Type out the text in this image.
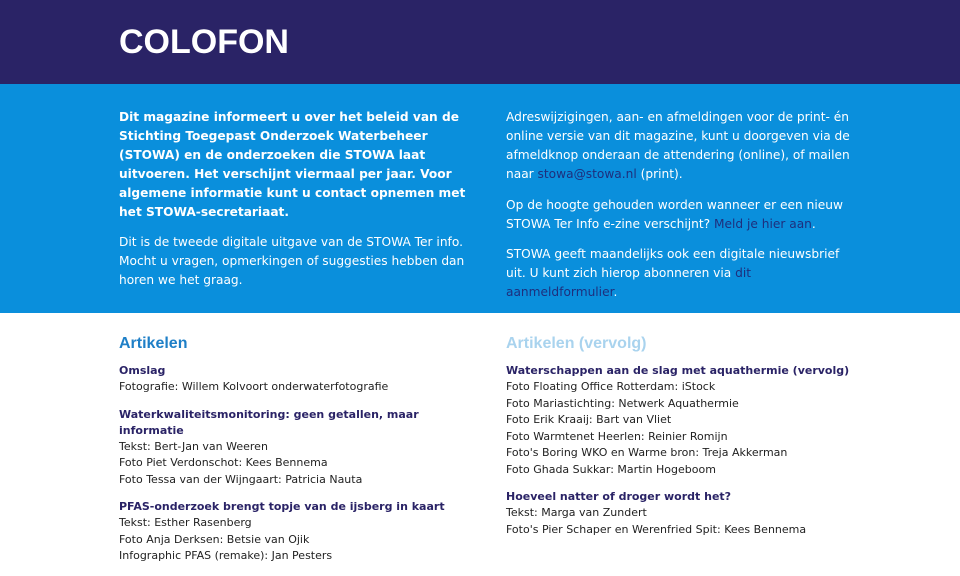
COLOFON

Dit magazine informeert u over het beleid van de Stichting Toegepast Onderzoek Waterbeheer (STOWA) en de onderzoeken die STOWA laat uitvoeren. Het verschijnt viermaal per jaar. Voor algemene informatie kunt u contact opnemen met het STOWA-secretariaat.

Dit is de tweede digitale uitgave van de STOWA Ter info. Mocht u vragen, opmerkingen of suggesties hebben dan horen we het graag.

Adreswijzigingen, aan- en afmeldingen voor de print- én online versie van dit magazine, kunt u doorgeven via de afmeldknop onderaan de attendering (online), of mailen naar stowa@stowa.nl (print).

Op de hoogte gehouden worden wanneer er een nieuw STOWA Ter Info e-zine verschijnt? Meld je hier aan.

STOWA geeft maandelijks ook een digitale nieuwsbrief uit. U kunt zich hierop abonneren via dit aanmeldformulier.

Artikelen
Omslag
Fotografie: Willem Kolvoort onderwaterfotografie
Waterkwaliteitsmonitoring: geen getallen, maar informatie
Tekst: Bert-Jan van Weeren
Foto Piet Verdonschot: Kees Bennema
Foto Tessa van der Wijngaart: Patricia Nauta
PFAS-onderzoek brengt topje van de ijsberg in kaart
Tekst: Esther Rasenberg
Foto Anja Derksen: Betsie van Ojik
Infographic PFAS (remake): Jan Pesters
Artikelen (vervolg)
Waterschappen aan de slag met aquathermie (vervolg)
Foto Floating Office Rotterdam: iStock
Foto Mariastichting: Netwerk Aquathermie
Foto Erik Kraaij: Bart van Vliet
Foto Warmtenet Heerlen: Reinier Romijn
Foto's Boring WKO en Warme bron: Treja Akkerman
Foto Ghada Sukkar: Martin Hogeboom
Hoeveel natter of droger wordt het?
Tekst: Marga van Zundert
Foto's Pier Schaper en Werenfried Spit: Kees Bennema
